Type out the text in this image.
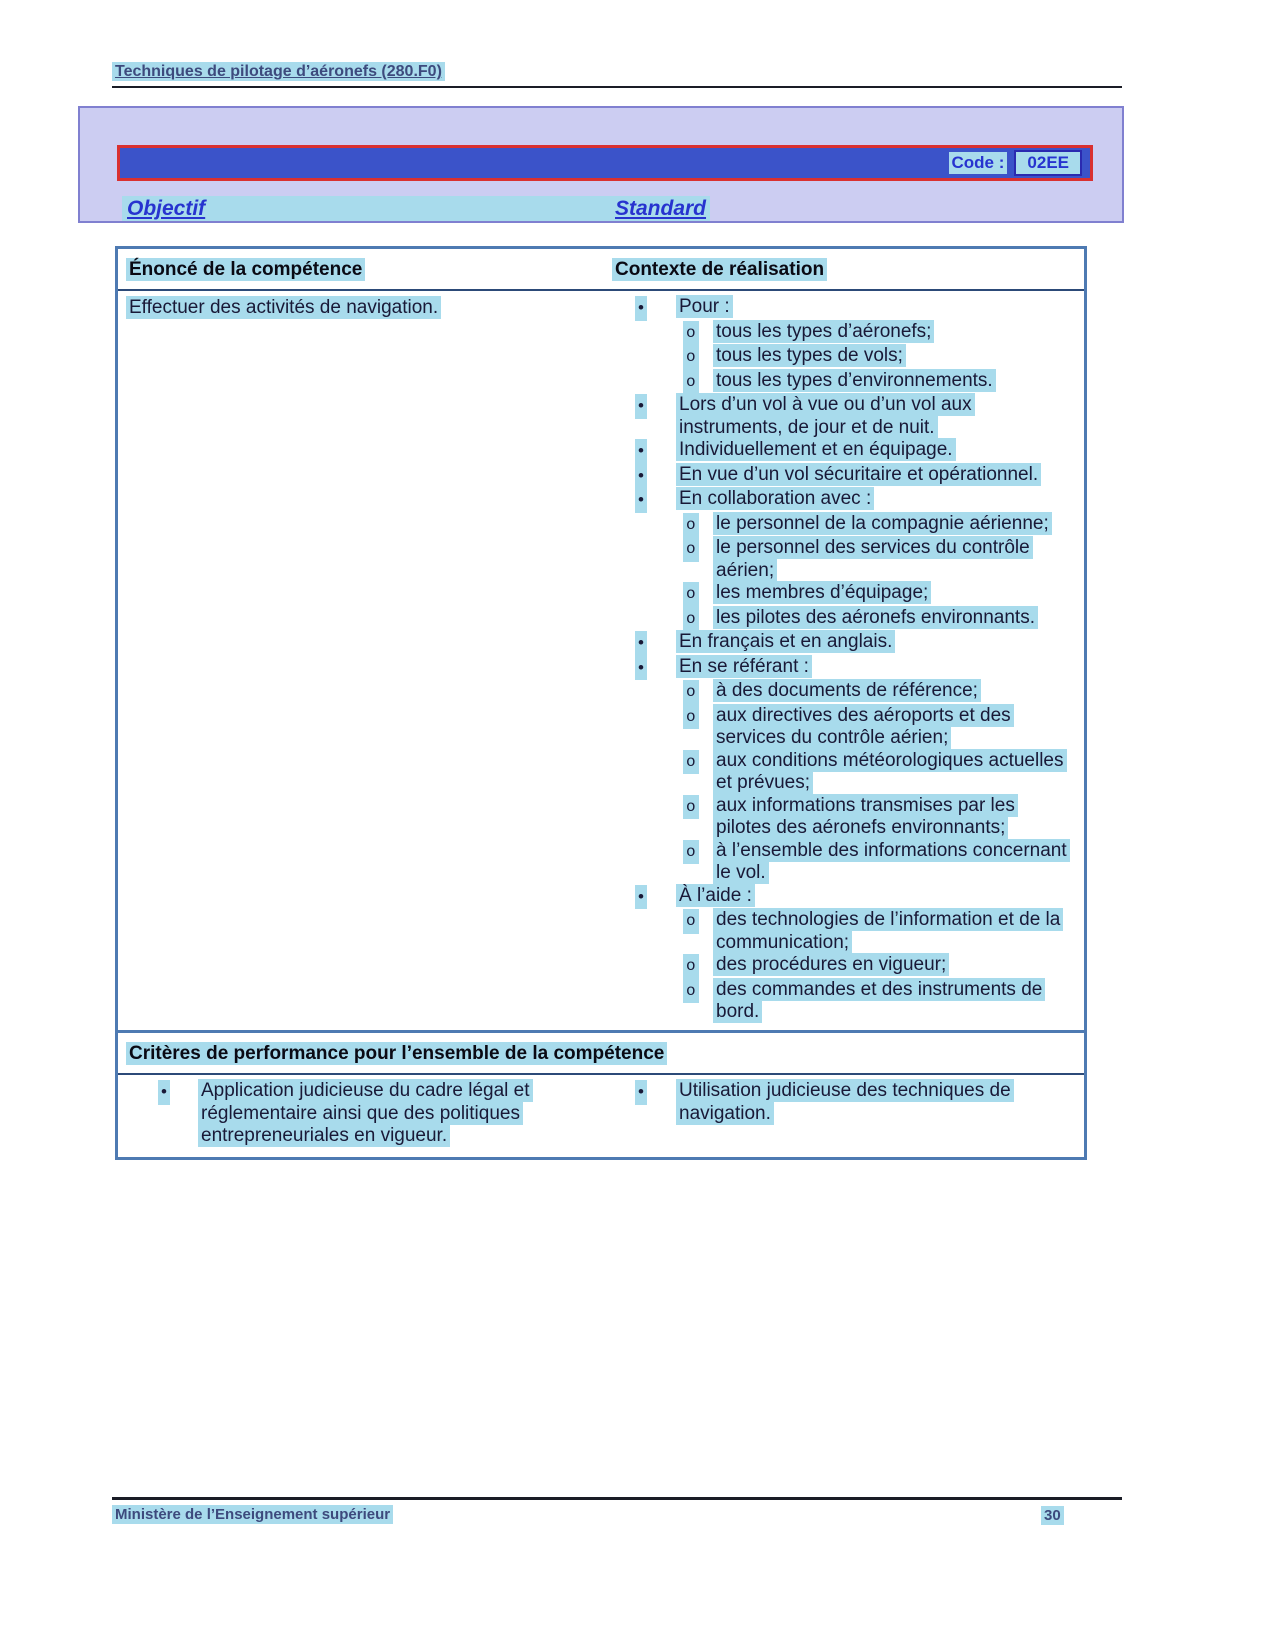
Techniques de pilotage d’aéronefs (280.F0)
Code :	02EE
Objectif	Standard
Énoncé de la compétence	Contexte de réalisation
Effectuer des activités de navigation.	•	Pour :
o	tous les types d’aéronefs;
o	tous les types de vols;
o	tous les types d’environnements.
•	Lors d’un vol à vue ou d’un vol aux instruments, de jour et de nuit.
•	Individuellement et en équipage.
•	En vue d’un vol sécuritaire et opérationnel.
•	En collaboration avec :
o	le personnel de la compagnie aérienne;
o	le personnel des services du contrôle aérien;
o	les membres d’équipage;
o	les pilotes des aéronefs environnants.
•	En français et en anglais.
•	En se référant :
o	à des documents de référence;
o	aux directives des aéroports et des services du contrôle aérien;
o	aux conditions météorologiques actuelles et prévues;
o	aux informations transmises par les pilotes des aéronefs environnants;
o	à l’ensemble des informations concernant le vol.
•	À l’aide :
o	des technologies de l’information et de la communication;
o	des procédures en vigueur;
o	des commandes et des instruments de bord.
Critères de performance pour l’ensemble de la compétence
•	Application judicieuse du cadre légal et réglementaire ainsi que des politiques entrepreneuriales en vigueur.
•	Utilisation judicieuse des techniques de navigation.
Ministère de l’Enseignement supérieur	30
